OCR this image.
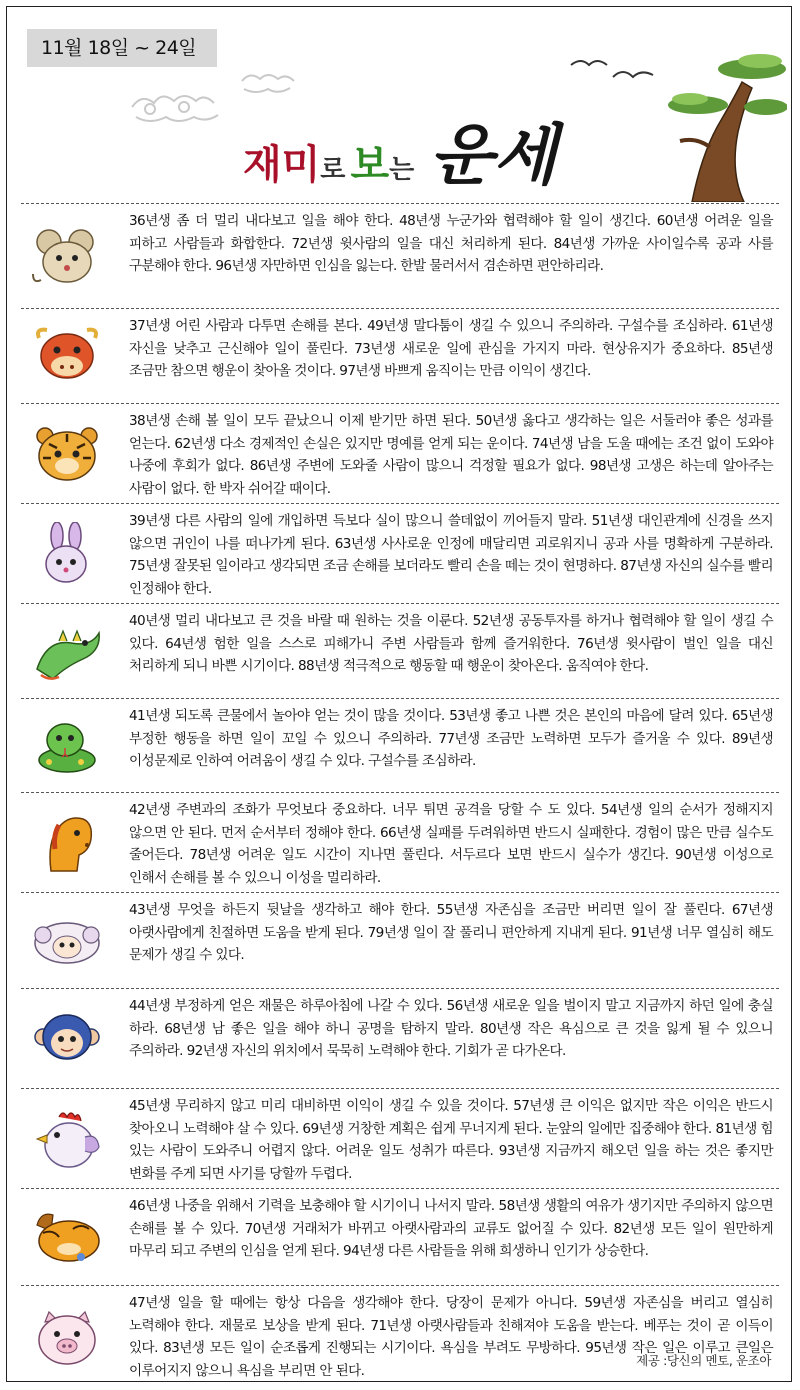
11월 18일 ~ 24일
재미로 보는 운세
36년생 좀 더 멀리 내다보고 일을 해야 한다. 48년생 누군가와 협력해야 할 일이 생긴다. 60년생 어려운 일을 피하고 사람들과 화합한다. 72년생 윗사람의 일을 대신 처리하게 된다. 84년생 가까운 사이일수록 공과 사를 구분해야 한다. 96년생 자만하면 인심을 잃는다. 한발 물러서서 겸손하면 편안하리라.
37년생 어린 사람과 다투면 손해를 본다. 49년생 말다툼이 생길 수 있으니 주의하라. 구설수를 조심하라. 61년생 자신을 낮추고 근신해야 일이 풀린다. 73년생 새로운 일에 관심을 가지지 마라. 현상유지가 중요하다. 85년생 조금만 참으면 행운이 찾아올 것이다. 97년생 바쁘게 움직이는 만큼 이익이 생긴다.
38년생 손해 볼 일이 모두 끝났으니 이제 받기만 하면 된다. 50년생 옳다고 생각하는 일은 서둘러야 좋은 성과를 얻는다. 62년생 다소 경제적인 손실은 있지만 명예를 얻게 되는 운이다. 74년생 남을 도울 때에는 조건 없이 도와야 나중에 후회가 없다. 86년생 주변에 도와줄 사람이 많으니 걱정할 필요가 없다. 98년생 고생은 하는데 알아주는 사람이 없다. 한 박자 쉬어갈 때이다.
39년생 다른 사람의 일에 개입하면 득보다 실이 많으니 쓸데없이 끼어들지 말라. 51년생 대인관계에 신경을 쓰지 않으면 귀인이 나를 떠나가게 된다. 63년생 사사로운 인정에 매달리면 괴로워지니 공과 사를 명확하게 구분하라. 75년생 잘못된 일이라고 생각되면 조금 손해를 보더라도 빨리 손을 떼는 것이 현명하다. 87년생 자신의 실수를 빨리 인정해야 한다.
40년생 멀리 내다보고 큰 것을 바랄 때 원하는 것을 이룬다. 52년생 공동투자를 하거나 협력해야 할 일이 생길 수 있다. 64년생 험한 일을 스스로 피해가니 주변 사람들과 함께 즐거워한다. 76년생 윗사람이 벌인 일을 대신 처리하게 되니 바쁜 시기이다. 88년생 적극적으로 행동할 때 행운이 찾아온다. 움직여야 한다.
41년생 되도록 큰물에서 놀아야 얻는 것이 많을 것이다. 53년생 좋고 나쁜 것은 본인의 마음에 달려 있다. 65년생 부정한 행동을 하면 일이 꼬일 수 있으니 주의하라. 77년생 조금만 노력하면 모두가 즐거울 수 있다. 89년생 이성문제로 인하여 어려움이 생길 수 있다. 구설수를 조심하라.
42년생 주변과의 조화가 무엇보다 중요하다. 너무 튀면 공격을 당할 수 도 있다. 54년생 일의 순서가 정해지지 않으면 안 된다. 먼저 순서부터 정해야 한다. 66년생 실패를 두려워하면 반드시 실패한다. 경험이 많은 만큼 실수도 줄어든다. 78년생 어려운 일도 시간이 지나면 풀린다. 서두르다 보면 반드시 실수가 생긴다. 90년생 이성으로 인해서 손해를 볼 수 있으니 이성을 멀리하라.
43년생 무엇을 하든지 뒷날을 생각하고 해야 한다. 55년생 자존심을 조금만 버리면 일이 잘 풀린다. 67년생 아랫사람에게 친절하면 도움을 받게 된다. 79년생 일이 잘 풀리니 편안하게 지내게 된다. 91년생 너무 열심히 해도 문제가 생길 수 있다.
44년생 부정하게 얻은 재물은 하루아침에 나갈 수 있다. 56년생 새로운 일을 벌이지 말고 지금까지 하던 일에 충실 하라. 68년생 남 좋은 일을 해야 하니 공명을 탐하지 말라. 80년생 작은 욕심으로 큰 것을 잃게 될 수 있으니 주의하라. 92년생 자신의 위치에서 묵묵히 노력해야 한다. 기회가 곧 다가온다.
45년생 무리하지 않고 미리 대비하면 이익이 생길 수 있을 것이다. 57년생 큰 이익은 없지만 작은 이익은 반드시 찾아오니 노력해야 살 수 있다. 69년생 거창한 계획은 쉽게 무너지게 된다. 눈앞의 일에만 집중해야 한다. 81년생 힘 있는 사람이 도와주니 어렵지 않다. 어려운 일도 성취가 따른다. 93년생 지금까지 해오던 일을 하는 것은 좋지만 변화를 주게 되면 사기를 당할까 두렵다.
46년생 나중을 위해서 기력을 보충해야 할 시기이니 나서지 말라. 58년생 생활의 여유가 생기지만 주의하지 않으면 손해를 볼 수 있다. 70년생 거래처가 바뀌고 아랫사람과의 교류도 없어질 수 있다. 82년생 모든 일이 원만하게 마무리 되고 주변의 인심을 얻게 된다. 94년생 다른 사람들을 위해 희생하니 인기가 상승한다.
47년생 일을 할 때에는 항상 다음을 생각해야 한다. 당장이 문제가 아니다. 59년생 자존심을 버리고 열심히 노력해야 한다. 재물로 보상을 받게 된다. 71년생 아랫사람들과 친해져야 도움을 받는다. 베푸는 것이 곧 이득이 있다. 83년생 모든 일이 순조롭게 진행되는 시기이다. 욕심을 부려도 무방하다. 95년생 작은 일은 이루고 큰일은 이루어지지 않으니 욕심을 부리면 안 된다.
제공 :당신의 멘토, 운조아
